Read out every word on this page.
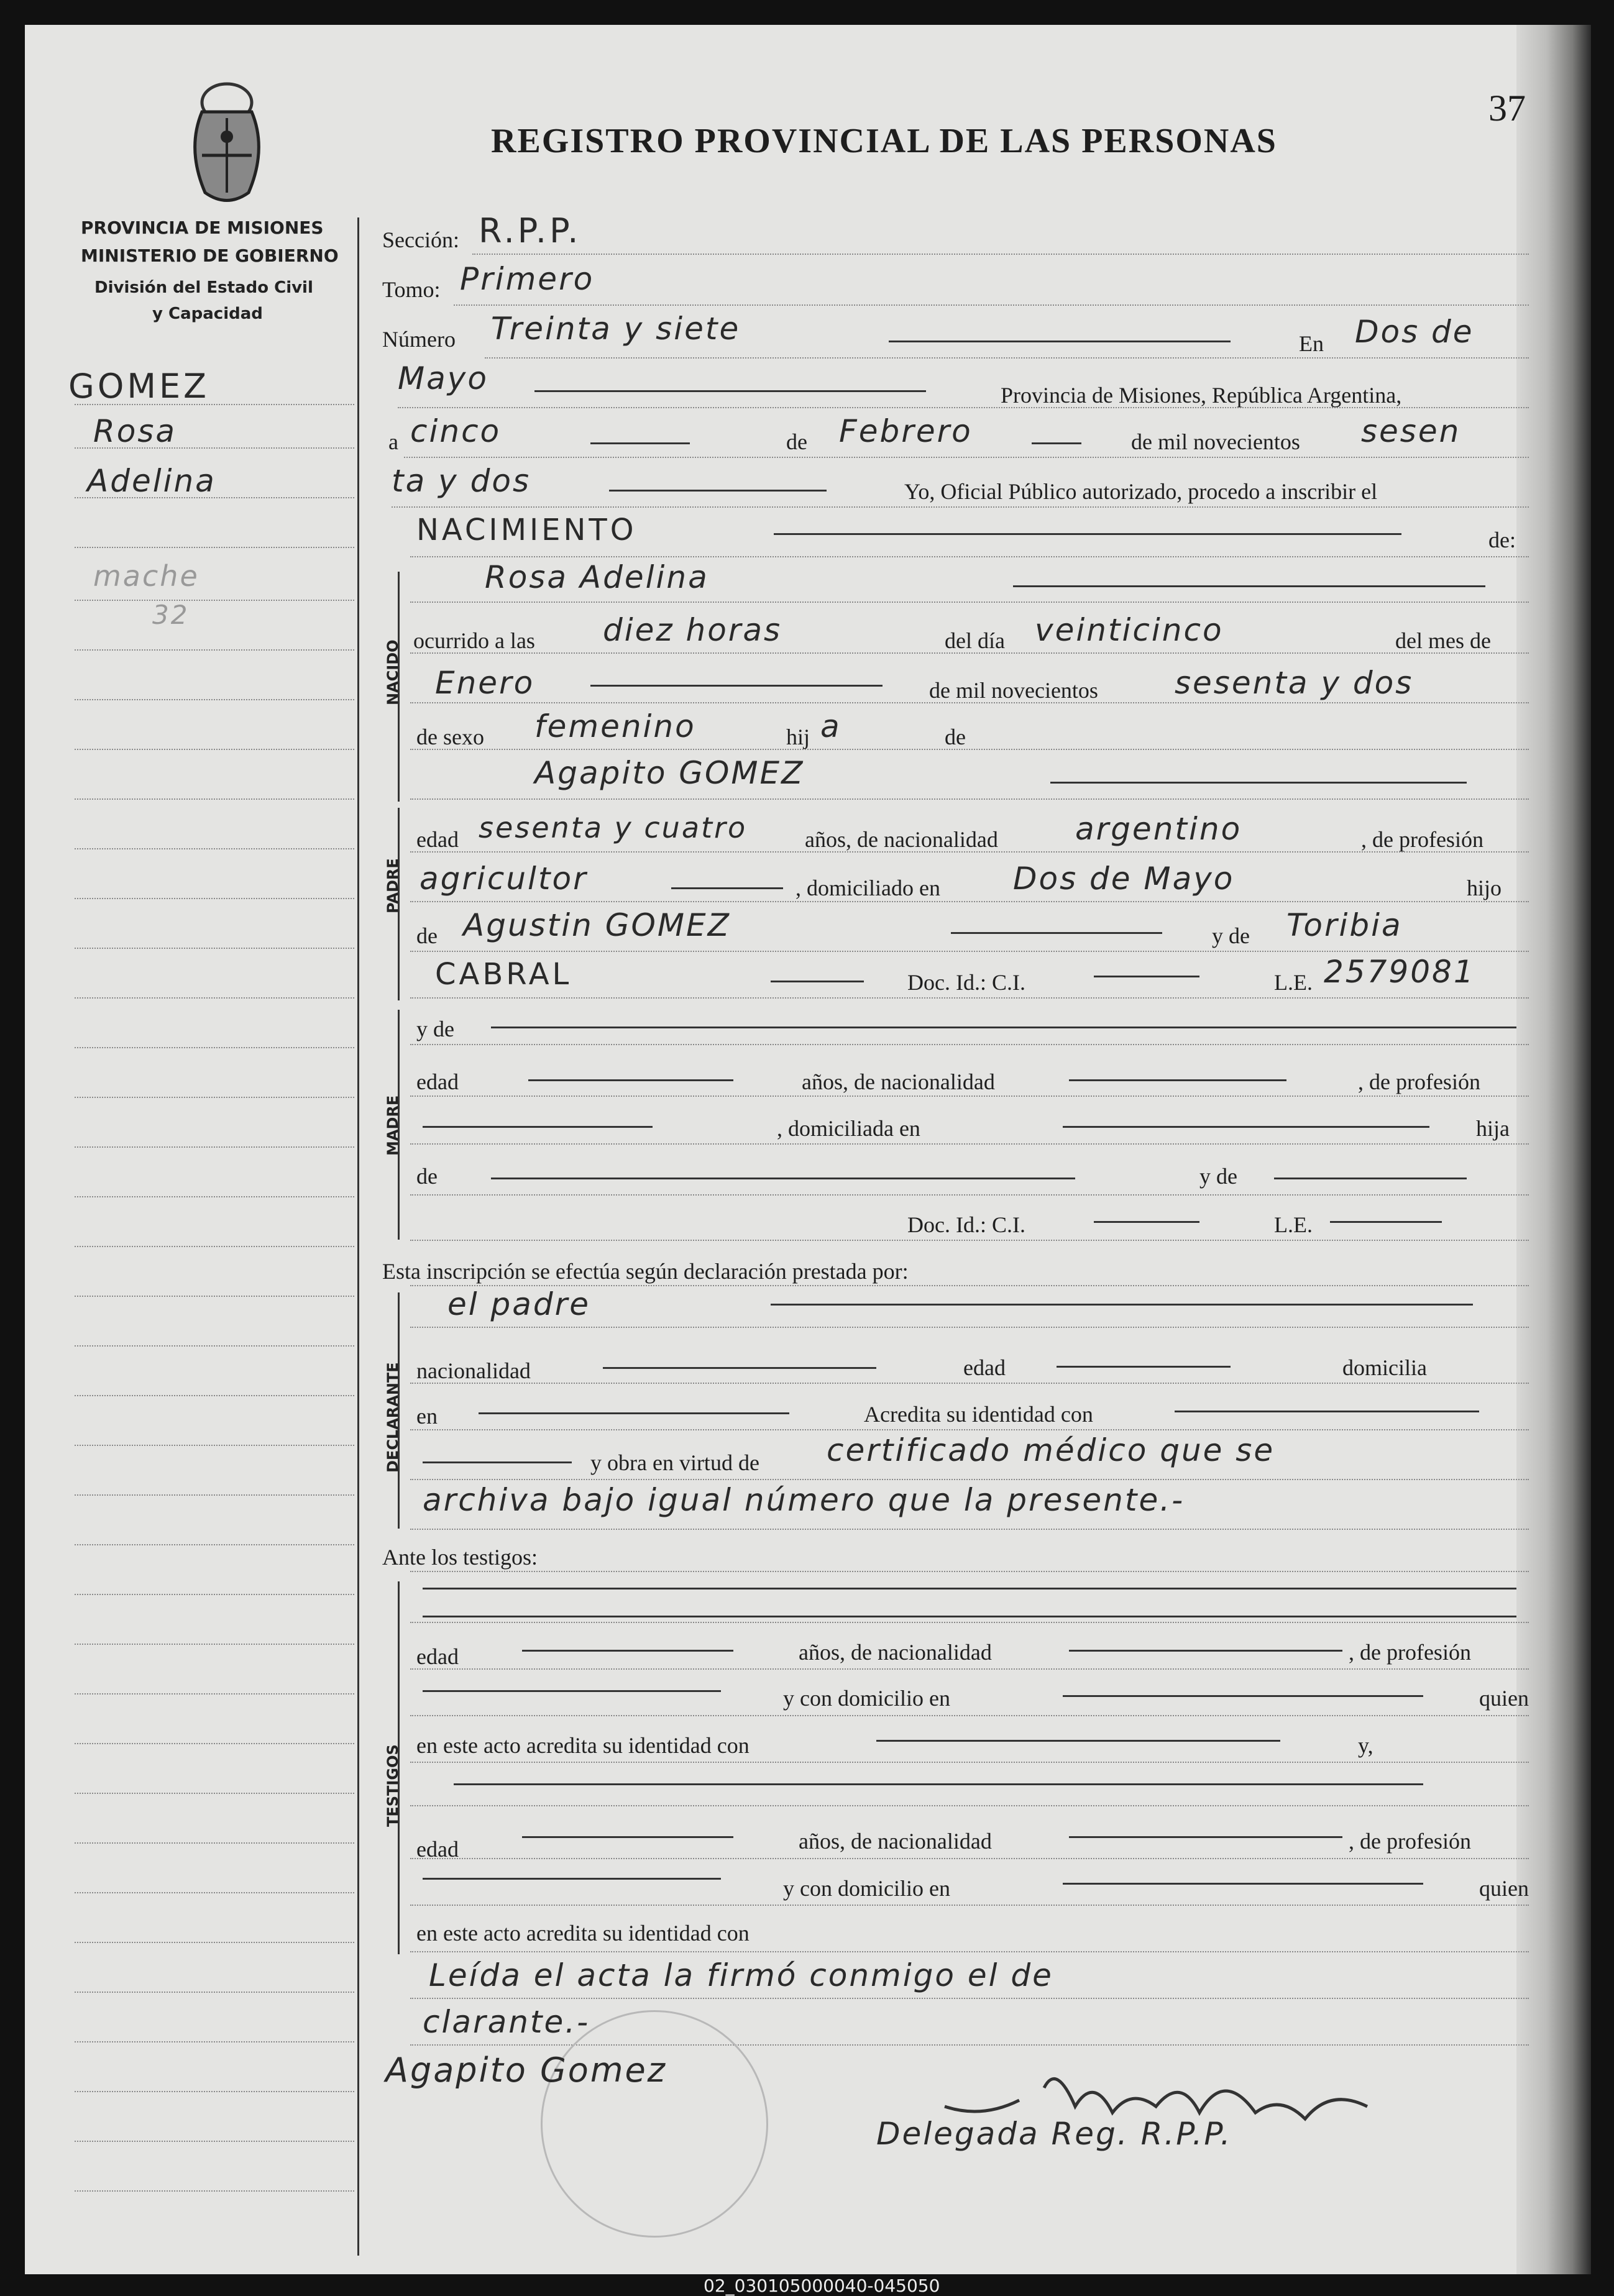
37
REGISTRO PROVINCIAL DE LAS PERSONAS
PROVINCIA DE MISIONES
MINISTERIO DE GOBIERNO
División del Estado Civil
y Capacidad
GOMEZ
Rosa
Adelina
mache
32
Sección: R.P.P.
Tomo: Primero
Número Treinta y siete	En Dos de
Mayo	Provincia de Misiones, República Argentina,
a cinco	de Febrero	de mil novecientos sesen
ta y dos	Yo, Oficial Público autorizado, procedo a inscribir el
NACIMIENTO	de:
NACIDO
Rosa Adelina
ocurrido a las diez horas	del día veinticinco	del mes de
Enero	de mil novecientos sesenta y dos
de sexo femenino	hij a	de
Agapito GOMEZ
PADRE
edad sesenta y cuatro	años, de nacionalidad argentino	, de profesión
agricultor	, domiciliado en Dos de Mayo	hijo
de Agustin GOMEZ	y de Toribia
CABRAL	Doc. Id.: C.I.	L.E. 2579081
MADRE
y de
edad	años, de nacionalidad	, de profesión
, domiciliada en	hija
de	y de
Doc. Id.: C.I.	L.E.
Esta inscripción se efectúa según declaración prestada por:
DECLARANTE
el padre
nacionalidad	edad	domicilia
en	Acredita su identidad con
y obra en virtud de certificado médico que se
archiva bajo igual número que la presente.-
Ante los testigos:
TESTIGOS
edad	años, de nacionalidad	, de profesión
y con domicilio en	quien
en este acto acredita su identidad con	y,
edad	años, de nacionalidad	, de profesión
y con domicilio en	quien
en este acto acredita su identidad con
Leída el acta la firmó conmigo el de
clarante.-
Agapito Gomez
Delegada Reg. R.P.P.
02_030105000040-045050
